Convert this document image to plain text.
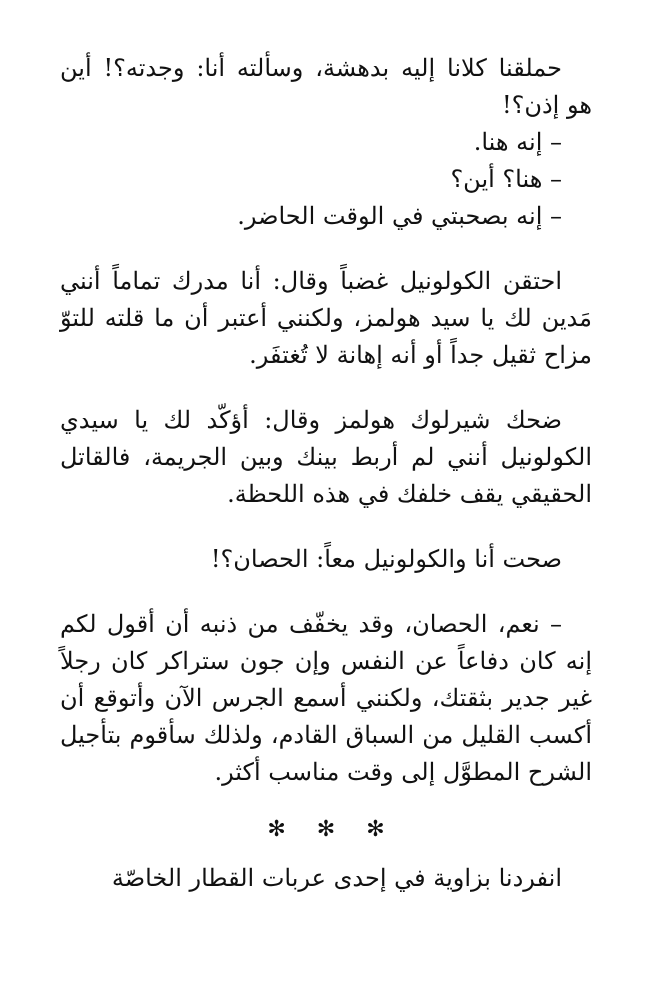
حملقنا كلانا إليه بدهشة، وسألته أنا: وجدته؟! أين هو إذن؟!

– إنه هنا.

– هنا؟ أين؟

– إنه بصحبتي في الوقت الحاضر.

احتقن الكولونيل غضباً وقال: أنا مدرك تماماً أنني مَدين لك يا سيد هولمز، ولكنني أعتبر أن ما قلته للتوّ مزاح ثقيل جداً أو أنه إهانة لا تُغتفَر.

ضحك شيرلوك هولمز وقال: أؤكّد لك يا سيدي الكولونيل أنني لم أربط بينك وبين الجريمة، فالقاتل الحقيقي يقف خلفك في هذه اللحظة.

صحت أنا والكولونيل معاً: الحصان؟!

– نعم، الحصان، وقد يخفّف من ذنبه أن أقول لكم إنه كان دفاعاً عن النفس وإن جون ستراكر كان رجلاً غير جدير بثقتك، ولكنني أسمع الجرس الآن وأتوقع أن أكسب القليل من السباق القادم، ولذلك سأقوم بتأجيل الشرح المطوَّل إلى وقت مناسب أكثر.

✻ ✻ ✻

انفردنا بزاوية في إحدى عربات القطار الخاصّة
